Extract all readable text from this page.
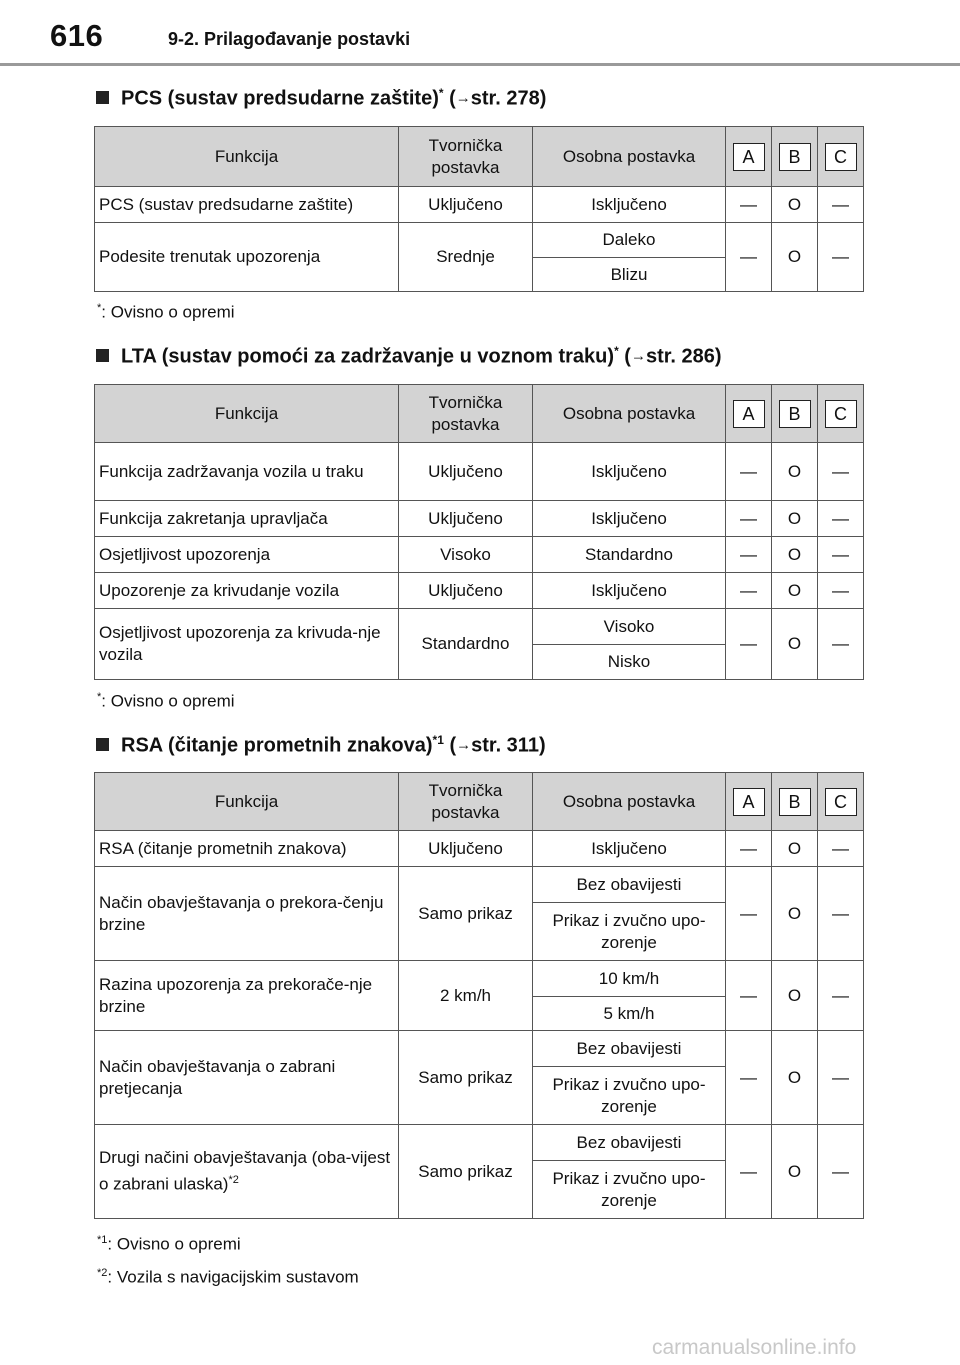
616	9-2. Prilagođavanje postavki
PCS (sustav predsudarne zaštite)* (→str. 278)
Funkcija	Tvornička postavka	Osobna postavka	A	B	C
PCS (sustav predsudarne zaštite)	Uključeno	Isključeno	—	O	—
Podesite trenutak upozorenja	Srednje	Daleko	—	O	—
		Blizu			
*: Ovisno o opremi
LTA (sustav pomoći za zadržavanje u voznom traku)* (→str. 286)
Funkcija	Tvornička postavka	Osobna postavka	A	B	C
Funkcija zadržavanja vozila u traku	Uključeno	Isključeno	—	O	—
Funkcija zakretanja upravljača	Uključeno	Isključeno	—	O	—
Osjetljivost upozorenja	Visoko	Standardno	—	O	—
Upozorenje za krivudanje vozila	Uključeno	Isključeno	—	O	—
Osjetljivost upozorenja za krivuda-nje vozila	Standardno	Visoko	—	O	—
		Nisko			
*: Ovisno o opremi
RSA (čitanje prometnih znakova)$^{*1}$ (→str. 311)
Funkcija	Tvornička postavka	Osobna postavka	A	B	C
RSA (čitanje prometnih znakova)	Uključeno	Isključeno	—	O	—
Način obavještavanja o prekora-čenju brzine	Samo prikaz	Bez obavijesti	—	O	—
		Prikaz i zvučno upo-zorenje			
Razina upozorenja za prekorače-nje brzine	2 km/h	10 km/h	—	O	—
		5 km/h			
Način obavještavanja o zabrani pretjecanja	Samo prikaz	Bez obavijesti	—	O	—
		Prikaz i zvučno upo-zorenje			
Drugi načini obavještavanja (oba-vijest o zabrani ulaska)$^{*2}$	Samo prikaz	Bez obavijesti	—	O	—
		Prikaz i zvučno upo-zorenje			
$^{*1}$: Ovisno o opremi
$^{*2}$: Vozila s navigacijskim sustavom
carmanualsonline.info
